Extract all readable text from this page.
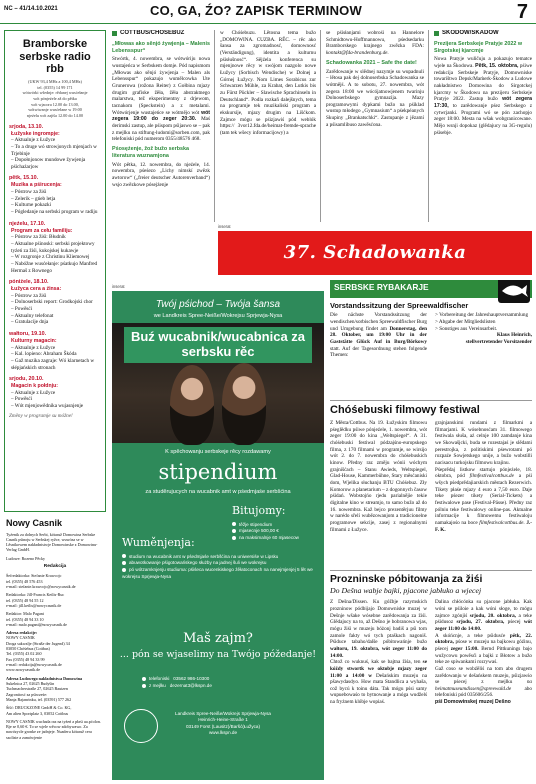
NC – 41/14.10.2021	CO, GA, ŹO? ZAPISK TERMINOW	7
Bramborske serbske radio rbb
(UKW 93,4 MHz a 100,4 MHz)
tel. (0355) 14 99 171
wótwórki wšednje: rědanej wusćełanje
wót pónjeźele až do pětka
wót wjacora 12.00 do 13.00,
wótwiwanje wusćełane w 19:00
njeźelu wót zajtša 12.00 do 14.00
srjoda, 13.10.
Łužyske ingrompje:
– Aktualnje z Łužyce
– To a druge wó strowjonych mjenjach w Trjebinje
– Dopołnjonow mundowe žywjenja pśichaźarjow
pětk, 15.10.
Muzika a pśirucenja:
– Póstrow za žiśi
– Zelerik – gńeb letja
– Kulturne pokazki
– Pógledanje na serbski program w radiju
njeźelu, 17.10.
Program za cełu familiju:
– Póstrow za žiśi: Błudnik
– Aktualne pśinoski: serbski projektowy tyźeń za žiśi, kukojskej kukawje
– W rozgronje z Christinu Kliemowej
– Nabóžne wusćełanje: pśatkujo Manfred Hermaš z Rownego
póniźele, 18.10.
Łužyca cera a źinsa:
– Póstrow za žiśi
– Dolnoserbski report: Grodkojski chor
– Powěsći
– Aktualny telefonat
– Gratulacije dnja
wałtoru, 19.10.
Kulturny magacin:
– Aktualnje z Łužyce
– Kal. lopieno: Abraham Škóda
– Gaž muzika zagraje: Wó klarnetach w słépjańskich stronach
srjodu, 20.10.
Magacin k połdnju:
– Aktualnje z Łužyce
– Powěsći
– Wót mjenjowědnika wujasnjenje
Změny w programje su móžne!
Nowy Casnik

Tyźenik za dolnych Serbi, kótaruž Domowina Serbske Casnik pśinoju w Serbskej ryžce, wuwóza se w Lěsnikowem nakładnistwje Domowinske z Domowinu-Verlag GmbH.

Ludowe: Rozeno Pěcky

Redakcija

Šefredaktorka: Stefanie Krawcojc
tel. (0355) 48 576 453
e-mail: stefanie.krawcojc@nowycasnik.de

Redaktorka: Jill-Francis Ketlis-Ruc
tel. (0355) 48 94 55 12
e-mail: jill.ketlis@nowycasnik.de

Redaktor: Malo Pagani
tel. (0355) 48 94 33 10
e-mail: malo.pagani@nowycasnik.de

Adresa redakcije:
NOWY CASNIK
Droga sakwalje (Straße der Jugend) 34
03050 Chóśebuz (Cottbus)
Tel. (0355) 43 02 260
Fax (0355) 48 94 33 99
e-mail: redakcija@nowycasnik.de
www.nowycasnik.de

Adresa Ludowego nakładnistwa Domowina
Sukelnica 27, 02625 Budyšin
Tuchmacherstraße 27, 02625 Bautzen
Zagronitosć za pśiwześe:
Manja Bajanrinku, tel. (03591) 577 262

Śišć: DRUCKZONE GmbH & Co. KG,
Am alten Sportplatz 3, 03052 Cottbus

NOWY CASNIK wuchada raz na tyźeń a płaśi ua.pćolon. Bje se 0,60 €. To se wjele wěcow zdobywawo. Za nawózycle gronke ze jadnjeje. Nuaderu kótaruž cera szoliste a zamówjenie

COTTBUS/CHÓŚEBUZ
„Młowas ako sěnjó żywjenja – Malenis Lebensspur“

Stwórtk, 4. nowembra, se wótwóriju nowa wustajeńca w Serbskem domje. Pód napismom „Młowas ako sěnjó żywjenja – Malen als Lebensspur“ pokazujo wumělcowka Ute Grunerowa (rožona Reiter) z Gołbina mjazy drugim grafiske žěła, žěła abstraktnego malarstwa, tež eksperimentny z drjewom, tacnakom (Speckstein) a z metalami. Wótwórjenje wustajeńce se wótmějo wót wót zegera 19:00 do zeger 20:30. Maś derimski zastup, ale pśispom pśijaswo se – pak z mejlku na stiftung-ludomi@sorben.com, pak telefoniski pód numerom 0355/48576 468.

Pśosężenje, žož bužo serbska literatura wuznamjona

Wót pětka, 12. nowembra, do njeźele, 14. nowembra, pśeśezo „Lichy nimskí zwězk awtorow“ („freier deutscher Autorenverband“) wsjo zwězkowe pósejźenje

w Chóśebuzu. Lětosna tema bužo „DOMOWINA. CUZBA. RĚC. – rěc ako šansa za zgromadnosć, domownosć (Verständigung), identita a kulturnu pśisłušnosć“. Sějźela konferenca su mjenjnowe rěcy w swójom nazgolo nowe Łužycy (Sorbisch Wendische) w Dolnej a Górnej Łužycy. Nom Limes Sorabicus zur Schwarzen Mühle, za Krabat, den Lutkis bis zu Fürst Pückler – Slawische Sprachinseln in Deutschland“. Podla rozkaň dalejšnych, tema na programje tek muzikaliski program a ekskursije, mjazy drugim na Lišćkom. Zajmce mógu se pśizjawiś pód weblók https:// 3vor12.fda.de/heimat-fremde-sprache (tam tek wšecy informacijowy) a

se pśisłanjami wobrośi na Hannelore Schmidtowu-Hoffmannowu, pśedsedarku Bramborskego krajnego zwězka FDA: kontakt@fda-brandenburg.de.

Schadowanka 2021 – Safe the date!

Zarědowanje w slědnej nazymje su wupadnuli – lětosa pak dej dolnoserbska Schadowanka se wótmějś. A to sobotu, 27. nowembra, wót zegera 18:00 we wócójatnowjenem twarinju Dolnoserbskego gymnazija. Mazy programowymi dypkami bužo na pśiklad wustup młodego „Gymnasium“ a pśekpéanych Skupiny „Brankatschki“. Zastupanje z jězamí a pśisamlibuso zawěsćona.

ŠKODOW/SKADOW
Prezijera Serbskeje Pratyje 2022 w Sirgotskej kjarcmje

Nowa Pratyje wuličuju a pokazujo tematce wjele na Škodowa. Pětk, 15. oktobra, pśiwe redakcija Serbskeje Pratyje, Domowniske towarištwo Depsk/Maḿerk-Škodow a Ludowe nakładnistwo Domowina do Sirgotckej kjarcmy w Škodowu na prezijeru Serbskeje Pratyje 2022. Zastup bužo wót zegera 17:30, to zarědowanje pśez Serbskego z cytwrjanki. Programi wó se pón zachopjo zeger 18:00. Mesta na wšak wobgranicowane. Mějo wsnji dopokaz (glědajucy na 3G-regulu) pśisebje.

inserat
37. Schadowanka
inserat
Twój pśichod – Twója šansa
we Landkreis Spree-Neiße/Wokrejsu Sprjewja-Nysa
Buź wucabnik/wucabnica za serbsku rěc
K spěchowanju serbskeje rěcy rozdawamy
stipendium
za studěrujucych na wucabnik amt w pśedmjaśe serbšćina
Bitujomy:
těžje stipendium
mjasecnje 500,00 €
na maksimalnje 60 mjasecow
Wuměnjenja:
studium na wucabnik amt w pśedmjaśe serbšćina na uniwersiśe w Lipsku
abuwotkowanje pśigotowańskego służby na jadnej šuli we wokrejsu
pó wótzamknjenju studiuma: pśiśeca wucenkiskego źěłatoconach na nanejmjenjej 5 lět we wokrejsu Sprjewja-Nysa
Maš zajm?
... pón se wjaselimy na Twójo póžedanje!
telefoniski 03562 986-10300
z mejlku dezernat3@lkspn.de
Landkreis Spree-Neiße/Wokrejs Sprjewja-Nysa
Heinrich-Heine-Straße 1
03149 Forst (Lausitz)/Baršć(Łužyca)
www.lkspn.de
SERBSKE RYBAKARJE
Vorstandssitzung der Spreewaldfischer

Die nächste Vorstandssitzung der wendischen/sorbischen Spreewaldfischer Burg und Umgebung findet am Donnerstag, den 28. Oktober, um 19:00 Uhr in der Gaststätte Glück Auf in Burg/Börkowy statt. Auf der Tagesordnung stehen folgende Themen:

> Vorbereitung der Jahreshauptversammlung

> Abgabe der Mitgliedslisten

> Sonstiges aus Vereinsarbeit.

Klaus Heinrich,
stellvertretender Vorsitzender

Chóśebuski filmowy festiwal

Z Města/Cottbus. Na 19. Łužyskim filmowu pśeglědku pśiwe pónjeźele, 1. nowembra, wót zeger 19:00 do kina „Weltspiegel“. A 31. chóśebuski festiwal pódzajśno-europskego filma, z 170 filmami w programje, se wirsijo wót 2. do 7. nowembra do chóśebuskich kinow. Předny raz změju wónii wóchym grajnišćach – Stanu Awieds, Weltspiegel, Glad-House, Kammerbühne, Stary měsćaniski dom, Wjelika słuchanju BTU Chóśebuz. Zły Komorow a planetarium – z dogonnych časow pśidań. Wobstojńo rjedu parialnějie tekie digitalne kino w streamjo, to samo bužo až do 16. nowembra. Kaž bejco prezentěrjuu filmy w narédo sřelí wubězowanjom a tradicionelne programowe sekcije, zasej z regionalnymi filmami z Łužyce.

grajnjanskimi rundami z filmarkmi a filmarjami. K wósebnosćam 31. filmowego festiwala słuša, aż celnje 100 zamdanje kina we Skowašjcki, buda se rozestajaś je slědami perestrojka, z politiskimi pśewrotami pó rozpaźe Sowjetskego unije, a bužo wobstilli nacisacu turkojsku filmowu krajinu.

Pśeprědaj listkow startujo pónjeźele, 18. oktobra, pód filmfestivalcottbus.de a pśi wšych pśedprědajiarskich městach Rezerwich. Tikety płaśe mjazy 4 euro a 7,50 euro. Daje teke pśezer tikety (Serial-Tickets) a festiwalowe pase (Festival-Pässe). Předny raz pólniu teke festiwalowy online-pas. Aktualne informacije k filmowemu festiwaloju namakajośo na boce filmfestivalcottbus.de. J.-F. K.

Prozninske póbitowanja za žiśi
Do Dešna wabje bajki, pjacone jabłuko a wjecej

Z Dešna/Dissen. Ku góžbje razymskich prozninow pódbijajo Domowniske muzej w Dešnje wšake wósebne zarědowanja za žiśi. Glědajucy na to, až Dešno je bobranowa wjas, mógu žiśi w muzeju bóżonj badiš a pśi torn zamole fakty wó tych ptaškach nagoniš. Pśiduce tabaho/dalše póbitowańnje bužo wałtoru, 19. oktobra, wót zeger 11:00 do 14:00.

Chtož co wuknuś, kak se bajtna žiśa, ten se kóždy stwortk we oktobje mjazy zeger 11:00 a 14:00 w Dešańskim muzeju na pšawydasdyo. How mata Standlica a wyhaša, což bycú k toinu dáta. Tak mógu pśsi samy wupuebowaśo to bytnowanje a móga wudželś na fryżnem klóbje wopiaś.

Dalina chłócónka su pjacone jabłuka. Kak wóni se pśiloie a kak wóni słoge, to mógu zajmce zgónjiś srjodu, 20. oktobra, a teke pśidusoz srjodu, 27. oktobra, pśecej wót zeger 11:00 do 14:00.

A skóńcnje, a teke pśidusće pětk, 22. oktobra, pśose w muzeju na bajkowu góźinu, pśecej zeger 15:00. Bernd Pittkunings bajo wužycowu powěsći a bajki z Błotow a bužo teke ze spiwankami rozrywaś.

Gaž coso se wobźěliś na tom abo drugem zarědowanju w dešańskem muzeju, pśizjawśo se pśecej z mejlku	na heimatmuseumdissen@spreewald.de	abo telefoniski pód 035606/256.

pśi Domowinskej muzej Dešno
